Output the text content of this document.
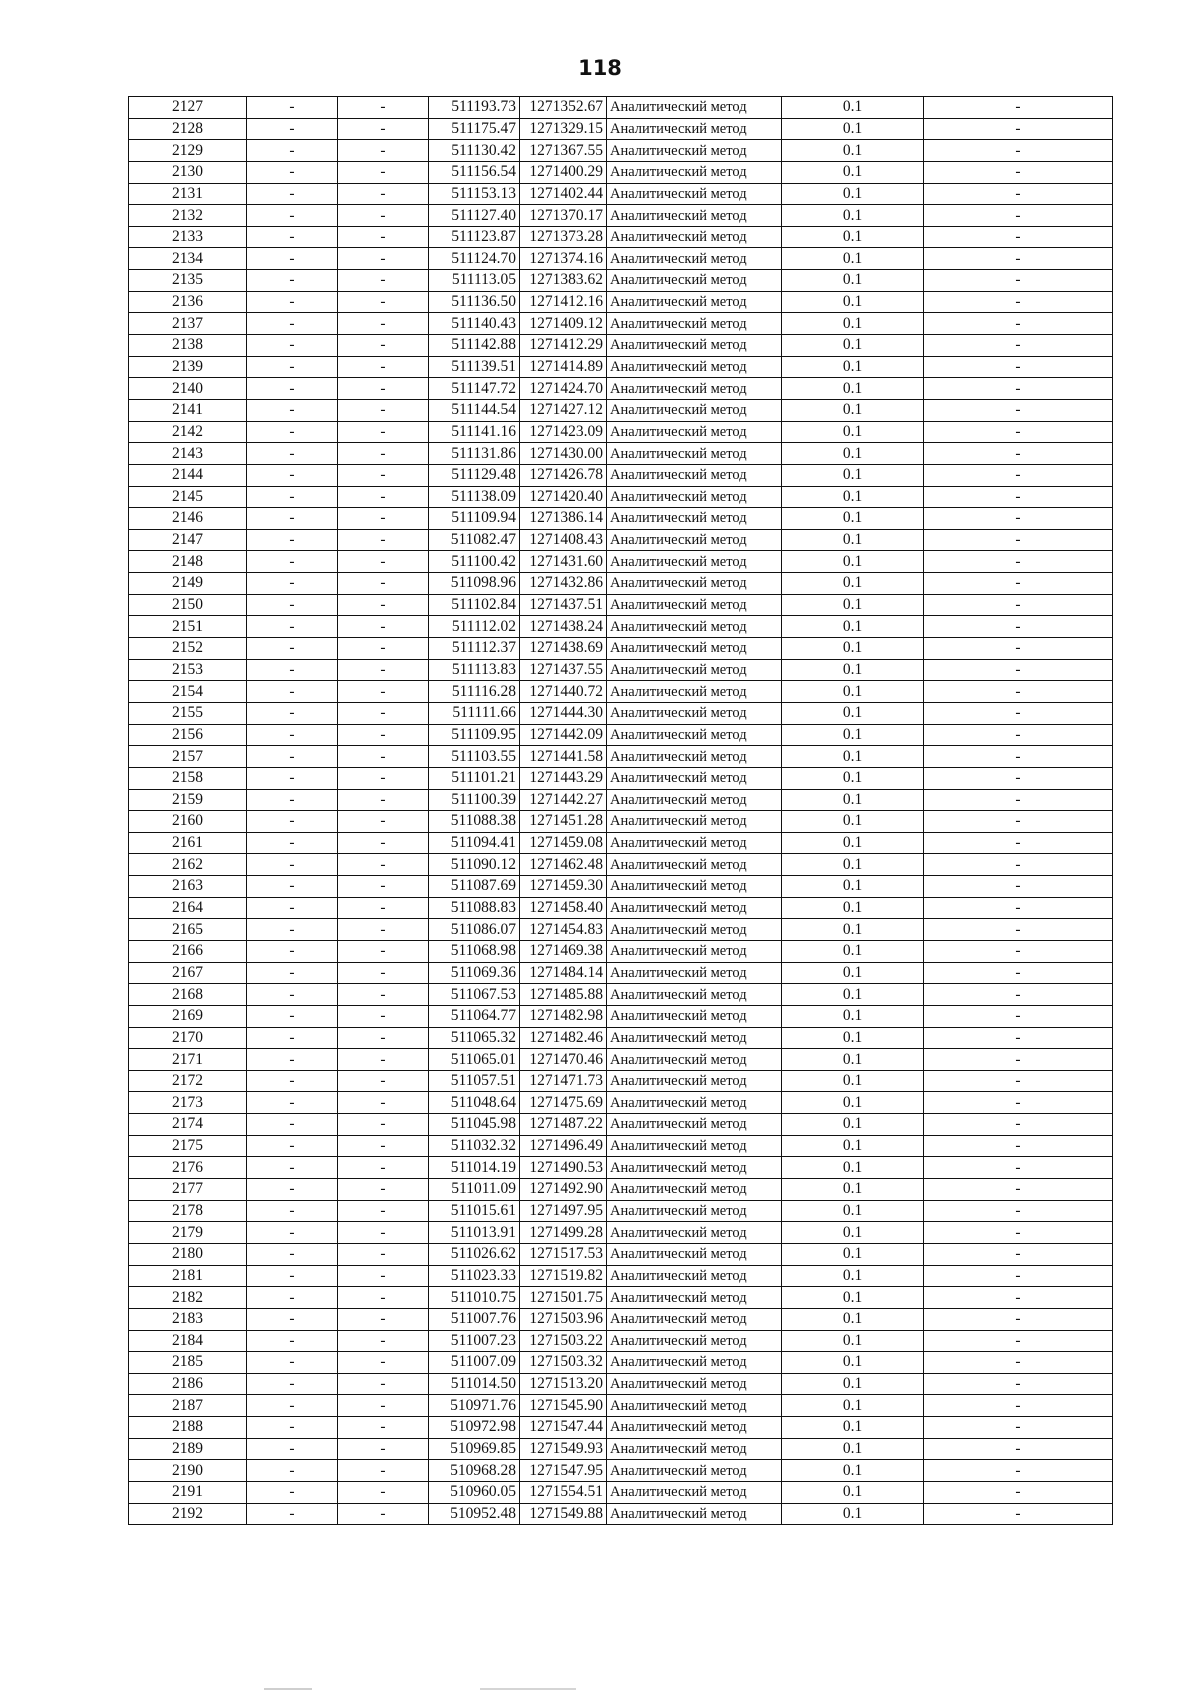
118
2127	-	-	511193.73	1271352.67	Аналитический метод	0.1	-
2128	-	-	511175.47	1271329.15	Аналитический метод	0.1	-
2129	-	-	511130.42	1271367.55	Аналитический метод	0.1	-
2130	-	-	511156.54	1271400.29	Аналитический метод	0.1	-
2131	-	-	511153.13	1271402.44	Аналитический метод	0.1	-
2132	-	-	511127.40	1271370.17	Аналитический метод	0.1	-
2133	-	-	511123.87	1271373.28	Аналитический метод	0.1	-
2134	-	-	511124.70	1271374.16	Аналитический метод	0.1	-
2135	-	-	511113.05	1271383.62	Аналитический метод	0.1	-
2136	-	-	511136.50	1271412.16	Аналитический метод	0.1	-
2137	-	-	511140.43	1271409.12	Аналитический метод	0.1	-
2138	-	-	511142.88	1271412.29	Аналитический метод	0.1	-
2139	-	-	511139.51	1271414.89	Аналитический метод	0.1	-
2140	-	-	511147.72	1271424.70	Аналитический метод	0.1	-
2141	-	-	511144.54	1271427.12	Аналитический метод	0.1	-
2142	-	-	511141.16	1271423.09	Аналитический метод	0.1	-
2143	-	-	511131.86	1271430.00	Аналитический метод	0.1	-
2144	-	-	511129.48	1271426.78	Аналитический метод	0.1	-
2145	-	-	511138.09	1271420.40	Аналитический метод	0.1	-
2146	-	-	511109.94	1271386.14	Аналитический метод	0.1	-
2147	-	-	511082.47	1271408.43	Аналитический метод	0.1	-
2148	-	-	511100.42	1271431.60	Аналитический метод	0.1	-
2149	-	-	511098.96	1271432.86	Аналитический метод	0.1	-
2150	-	-	511102.84	1271437.51	Аналитический метод	0.1	-
2151	-	-	511112.02	1271438.24	Аналитический метод	0.1	-
2152	-	-	511112.37	1271438.69	Аналитический метод	0.1	-
2153	-	-	511113.83	1271437.55	Аналитический метод	0.1	-
2154	-	-	511116.28	1271440.72	Аналитический метод	0.1	-
2155	-	-	511111.66	1271444.30	Аналитический метод	0.1	-
2156	-	-	511109.95	1271442.09	Аналитический метод	0.1	-
2157	-	-	511103.55	1271441.58	Аналитический метод	0.1	-
2158	-	-	511101.21	1271443.29	Аналитический метод	0.1	-
2159	-	-	511100.39	1271442.27	Аналитический метод	0.1	-
2160	-	-	511088.38	1271451.28	Аналитический метод	0.1	-
2161	-	-	511094.41	1271459.08	Аналитический метод	0.1	-
2162	-	-	511090.12	1271462.48	Аналитический метод	0.1	-
2163	-	-	511087.69	1271459.30	Аналитический метод	0.1	-
2164	-	-	511088.83	1271458.40	Аналитический метод	0.1	-
2165	-	-	511086.07	1271454.83	Аналитический метод	0.1	-
2166	-	-	511068.98	1271469.38	Аналитический метод	0.1	-
2167	-	-	511069.36	1271484.14	Аналитический метод	0.1	-
2168	-	-	511067.53	1271485.88	Аналитический метод	0.1	-
2169	-	-	511064.77	1271482.98	Аналитический метод	0.1	-
2170	-	-	511065.32	1271482.46	Аналитический метод	0.1	-
2171	-	-	511065.01	1271470.46	Аналитический метод	0.1	-
2172	-	-	511057.51	1271471.73	Аналитический метод	0.1	-
2173	-	-	511048.64	1271475.69	Аналитический метод	0.1	-
2174	-	-	511045.98	1271487.22	Аналитический метод	0.1	-
2175	-	-	511032.32	1271496.49	Аналитический метод	0.1	-
2176	-	-	511014.19	1271490.53	Аналитический метод	0.1	-
2177	-	-	511011.09	1271492.90	Аналитический метод	0.1	-
2178	-	-	511015.61	1271497.95	Аналитический метод	0.1	-
2179	-	-	511013.91	1271499.28	Аналитический метод	0.1	-
2180	-	-	511026.62	1271517.53	Аналитический метод	0.1	-
2181	-	-	511023.33	1271519.82	Аналитический метод	0.1	-
2182	-	-	511010.75	1271501.75	Аналитический метод	0.1	-
2183	-	-	511007.76	1271503.96	Аналитический метод	0.1	-
2184	-	-	511007.23	1271503.22	Аналитический метод	0.1	-
2185	-	-	511007.09	1271503.32	Аналитический метод	0.1	-
2186	-	-	511014.50	1271513.20	Аналитический метод	0.1	-
2187	-	-	510971.76	1271545.90	Аналитический метод	0.1	-
2188	-	-	510972.98	1271547.44	Аналитический метод	0.1	-
2189	-	-	510969.85	1271549.93	Аналитический метод	0.1	-
2190	-	-	510968.28	1271547.95	Аналитический метод	0.1	-
2191	-	-	510960.05	1271554.51	Аналитический метод	0.1	-
2192	-	-	510952.48	1271549.88	Аналитический метод	0.1	-
